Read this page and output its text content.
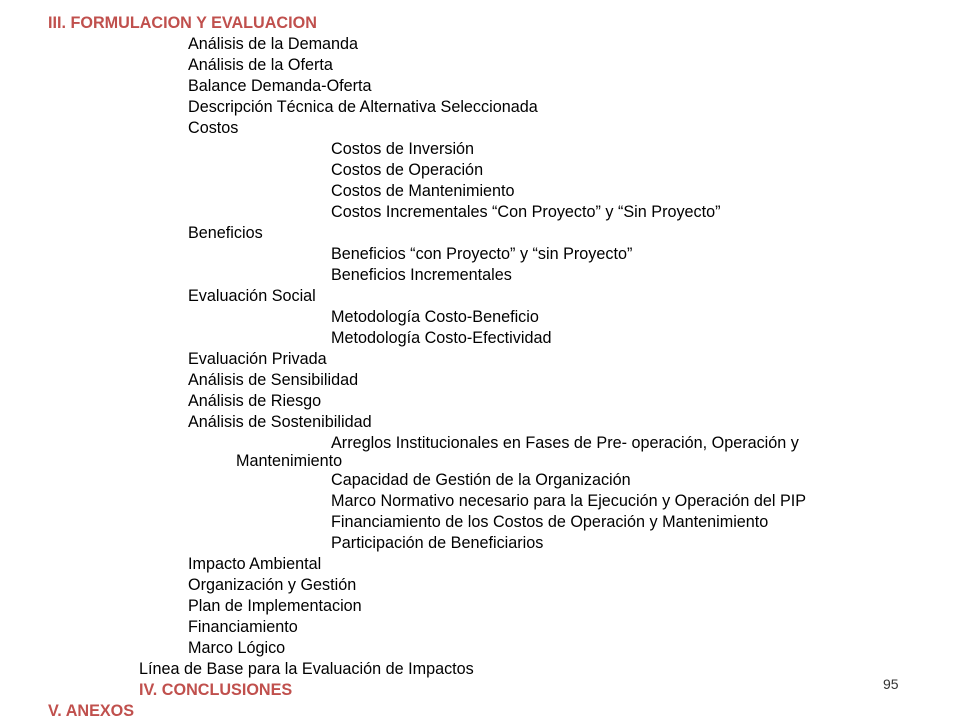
III. FORMULACION Y EVALUACION
Análisis de la Demanda
Análisis de la Oferta
Balance Demanda-Oferta
Descripción Técnica de Alternativa Seleccionada
Costos
Costos de Inversión
Costos de Operación
Costos de Mantenimiento
Costos Incrementales “Con Proyecto” y “Sin Proyecto”
Beneficios
Beneficios “con Proyecto” y “sin Proyecto”
Beneficios Incrementales
Evaluación Social
Metodología Costo-Beneficio
Metodología Costo-Efectividad
Evaluación Privada
Análisis de Sensibilidad
Análisis de Riesgo
Análisis de Sostenibilidad
Arreglos Institucionales en Fases de Pre- operación, Operación y
Mantenimiento
Capacidad de Gestión de la Organización
Marco Normativo necesario para la Ejecución y Operación del PIP
Financiamiento de los Costos de Operación y Mantenimiento
Participación de Beneficiarios
Impacto Ambiental
Organización y Gestión
Plan de Implementacion
Financiamiento
Marco Lógico
Línea de Base para la Evaluación de Impactos
IV. CONCLUSIONES
V. ANEXOS
95
